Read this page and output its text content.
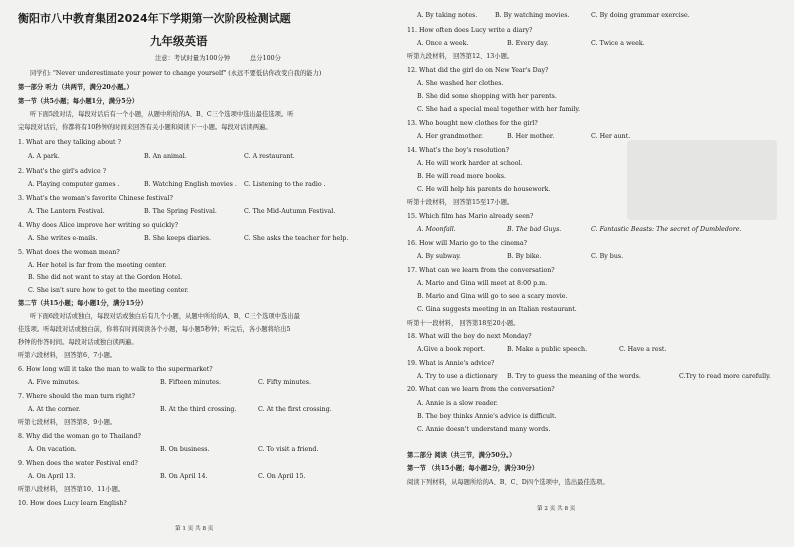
衡阳市八中教育集团2024年下学期第一次阶段检测试题
九年级英语
注意：考试时量为100分钟	总分100分
同学们: "Never underestimate your power to change yourself" (永远不要低估你改变自我的能力)
第一部分 听力（共两节，满分20小题。）
第一节（共5小题；每小题1分，满分5分）
听下面5段对话，每段对话后有一个小题，从题中所给的A、B、C三个选项中选出最佳选项。听
完每段对话后，你都将有10秒钟的时间来回答有关小题和阅读下一小题。每段对话读两遍。
1. What are they talking about ?
A. A park.	B. An animal.	C. A restaurant.
2. What's the girl's advice ?
A. Playing computer games .	B. Watching English movies . C. Listening to the radio .
3. What's the woman's favorite Chinese festival?
A. The Lantern Festival.	B. The Spring Festival.	C. The Mid-Autumn Festival.
4. Why does Alice improve her writing so quickly?
A. She writes e-mails.	B. She keeps diaries.	C. She asks the teacher for help.
5. What does the woman mean?
A. Her hotel is far from the meeting center.
B. She did not want to stay at the Gordon Hotel.
C. She isn't sure how to get to the meeting center.
第二节（共15小题；每小题1分，满分15分）
听下面6段对话或独白，每段对话或独白后有几个小题，从题中所给的A、B、C三个选项中选出最
佳选项。听每段对话或独白前，你将有时间阅读各个小题，每小题5秒钟；听完后，各小题将给出5
秒钟的作答时间。每段对话或独白读两遍。
听第六段材料， 回答第6、7小题。
6. How long will it take the man to walk to the supermarket?
A. Five minutes.	B. Fifteen minutes.	C. Fifty minutes.
7. Where should the man turn right?
A. At the corner.	B. At the third crossing.	C. At the first crossing.
听第七段材料， 回答第8、9小题。
8. Why did the woman go to Thailand?
A. On vacation.	B. On business.	C. To visit a friend.
9. When does the water Festival end?
A. On April 13.	B. On April 14.	C. On April 15.
听第八段材料， 回答第10、11小题。
10. How does Lucy learn English?
第 1 页 共 8 页
A. By taking notes.	B. By watching movies.	C. By doing grammar exercise.
11. How often does Lucy write a diary?
A. Once a week.	B. Every day.	C. Twice a week.
听第九段材料， 回答第12、13小题。
12. What did the girl do on New Year's Day?
A. She washed her clothes.
B. She did some shopping with her parents.
C. She had a special meal together with her family.
13. Who bought new clothes for the girl?
A. Her grandmother.	B. Her mother.	C. Her aunt.
14. What's the boy's resolution?
A. He will work harder at school.
B. He will read more books.
C. He will help his parents do housework.
听第十段材料， 回答第15至17小题。
15. Which film has Mario already seen?
A. Moonfall.	B. The bad Guys.	C. Fantastic Beasts: The secret of Dumbledore.
16. How will Mario go to the cinema?
A. By subway.	B. By bike.	C. By bus.
17. What can we learn from the conversation?
A. Mario and Gina will meet at 8:00 p.m.
B. Mario and Gina will go to see a scary movie.
C. Gina suggests meeting in an Italian restaurant.
听第十一段材料， 回答第18至20小题。
18. What will the boy do next Monday?
A.Give a book report.	B. Make a public speech.	C. Have a rest.
19. What is Annie's advice?
A. Try to use a dictionary B. Try to guess the meaning of the words.	C.Try to read more carefully.
20. What can we learn from the conversation?
A. Annie is a slow reader.
B. The boy thinks Annie's advice is difficult.
C. Annie doesn't understand many words.
第二部分 阅读（共三节，满分50分。）
第一节 （共15小题；每小题2分，满分30分）
阅读下列材料，从每题所给的A、B、C、D四个选项中，选出最佳选项。
第 2 页 共 8 页
